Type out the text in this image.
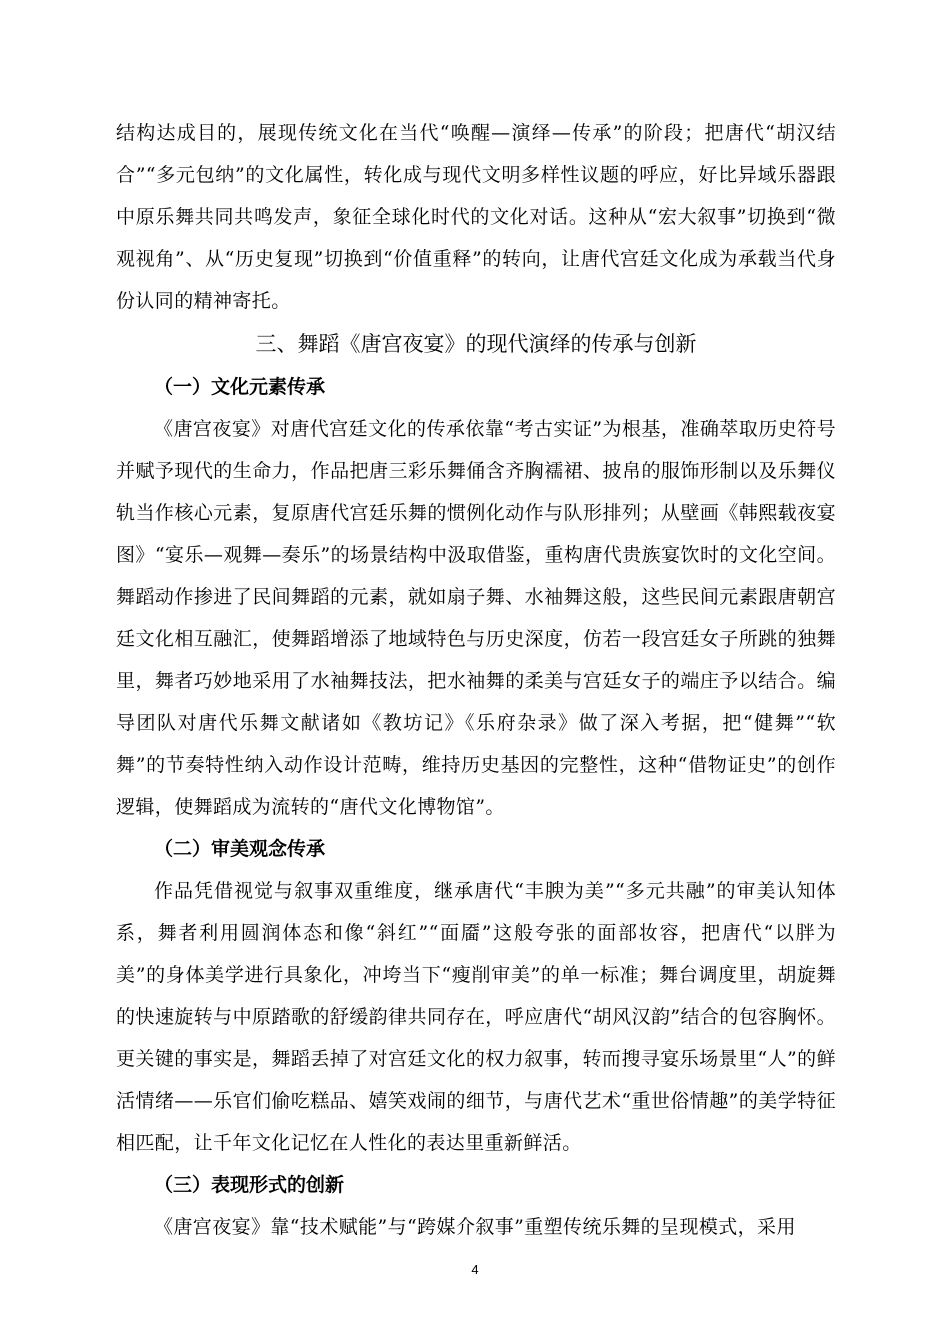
结构达成目的，展现传统文化在当代“唤醒—演绎—传承”的阶段；把唐代“胡汉结合”“多元包纳”的文化属性，转化成与现代文明多样性议题的呼应，好比异域乐器跟中原乐舞共同共鸣发声，象征全球化时代的文化对话。这种从“宏大叙事”切换到“微观视角”、从“历史复现”切换到“价值重释”的转向，让唐代宫廷文化成为承载当代身份认同的精神寄托。

三、舞蹈《唐宫夜宴》的现代演绎的传承与创新
（一）文化元素传承

《唐宫夜宴》对唐代宫廷文化的传承依靠“考古实证”为根基，准确萃取历史符号并赋予现代的生命力，作品把唐三彩乐舞俑含齐胸襦裙、披帛的服饰形制以及乐舞仪轨当作核心元素，复原唐代宫廷乐舞的惯例化动作与队形排列；从壁画《韩熙载夜宴图》“宴乐—观舞—奏乐”的场景结构中汲取借鉴，重构唐代贵族宴饮时的文化空间。舞蹈动作掺进了民间舞蹈的元素，就如扇子舞、水袖舞这般，这些民间元素跟唐朝宫廷文化相互融汇，使舞蹈增添了地域特色与历史深度，仿若一段宫廷女子所跳的独舞里，舞者巧妙地采用了水袖舞技法，把水袖舞的柔美与宫廷女子的端庄予以结合。编导团队对唐代乐舞文献诸如《教坊记》《乐府杂录》做了深入考据，把“健舞”“软舞”的节奏特性纳入动作设计范畴，维持历史基因的完整性，这种“借物证史”的创作逻辑，使舞蹈成为流转的“唐代文化博物馆”。

（二）审美观念传承

作品凭借视觉与叙事双重维度，继承唐代“丰腴为美”“多元共融”的审美认知体系，舞者利用圆润体态和像“斜红”“面靥”这般夸张的面部妆容，把唐代“以胖为美”的身体美学进行具象化，冲垮当下“瘦削审美”的单一标准；舞台调度里，胡旋舞的快速旋转与中原踏歌的舒缓韵律共同存在，呼应唐代“胡风汉韵”结合的包容胸怀。更关键的事实是，舞蹈丢掉了对宫廷文化的权力叙事，转而搜寻宴乐场景里“人”的鲜活情绪——乐官们偷吃糕品、嬉笑戏闹的细节，与唐代艺术“重世俗情趣”的美学特征相匹配，让千年文化记忆在人性化的表达里重新鲜活。

（三）表现形式的创新

《唐宫夜宴》靠“技术赋能”与“跨媒介叙事”重塑传统乐舞的呈现模式，采用

4
